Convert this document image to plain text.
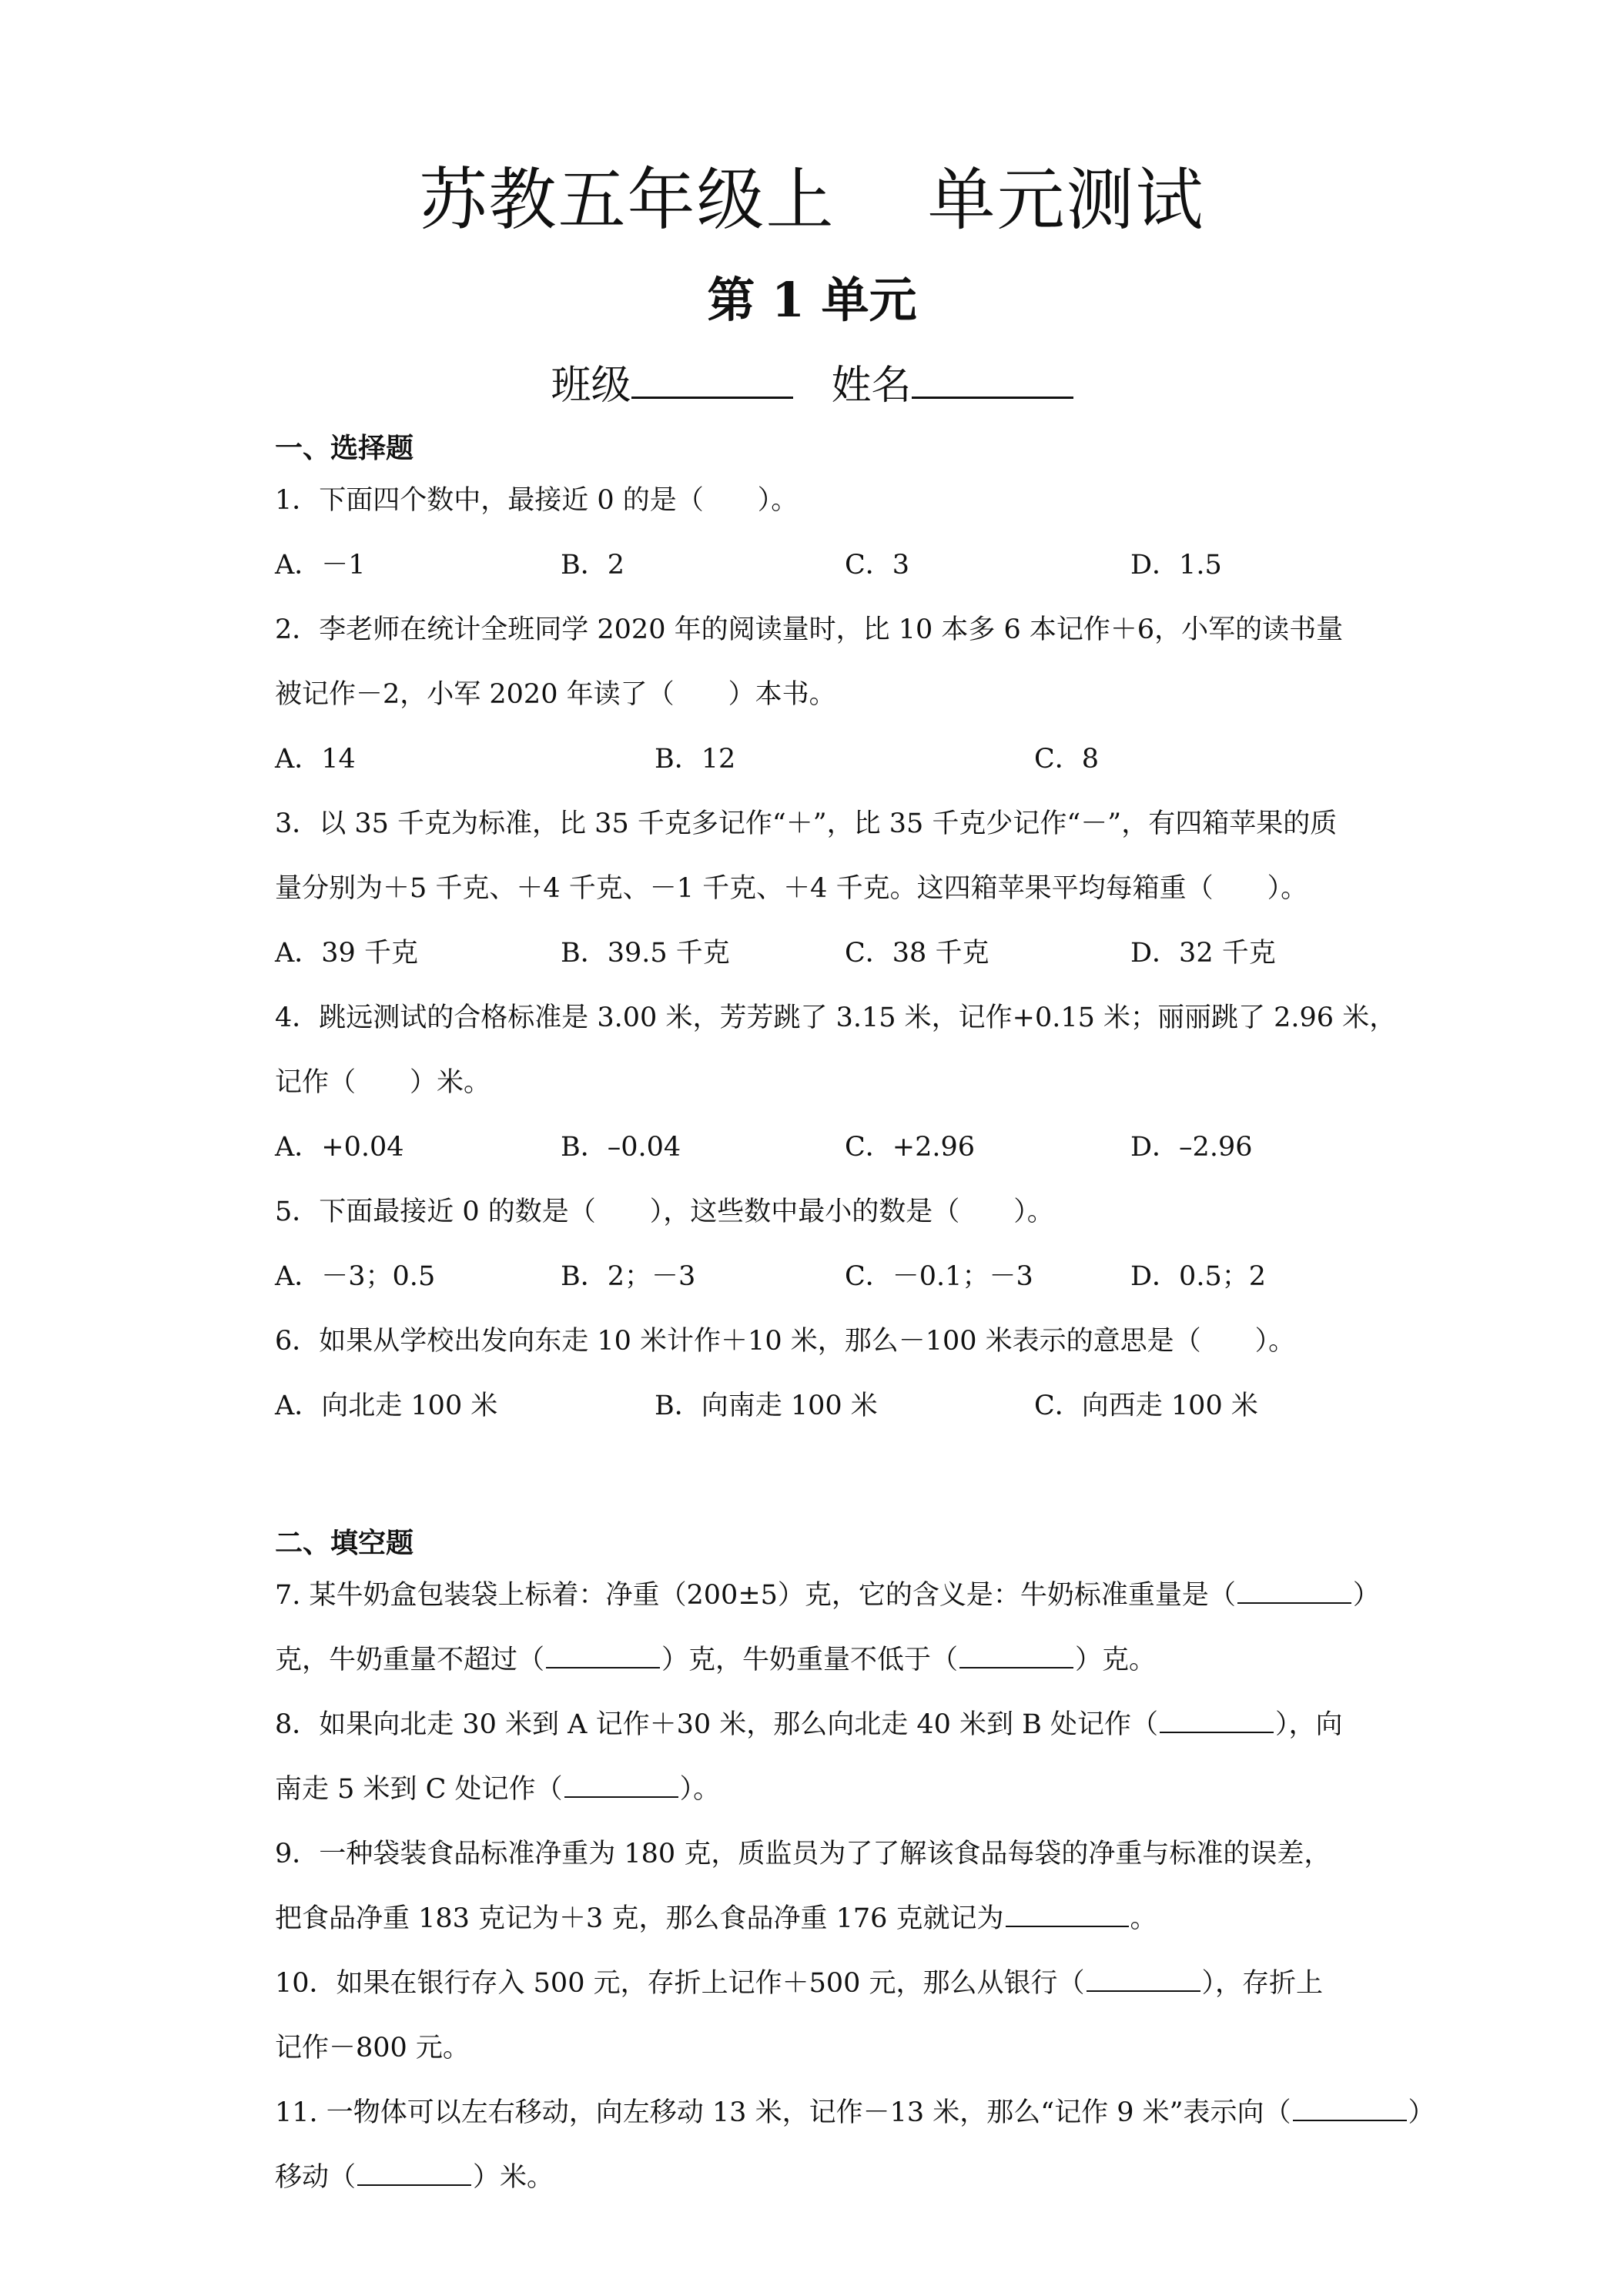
苏教五年级上 单元测试
第 1 单元
班级	姓名
一、选择题
1．下面四个数中，最接近 0 的是（　　）。
A．－1	B．2	C．3	D．1.5
2．李老师在统计全班同学 2020 年的阅读量时，比 10 本多 6 本记作＋6，小军的读书量
被记作－2，小军 2020 年读了（　　）本书。
A．14	B．12	C．8
3．以 35 千克为标准，比 35 千克多记作“＋”，比 35 千克少记作“－”，有四箱苹果的质
量分别为＋5 千克、＋4 千克、－1 千克、＋4 千克。这四箱苹果平均每箱重（　　）。
A．39 千克	B．39.5 千克	C．38 千克	D．32 千克
4．跳远测试的合格标准是 3.00 米，芳芳跳了 3.15 米，记作+0.15 米；丽丽跳了 2.96 米，
记作（　　）米。
A．+0.04	B．–0.04	C．+2.96	D．–2.96
5．下面最接近 0 的数是（　　），这些数中最小的数是（　　）。
A．－3；0.5	B．2；－3	C．－0.1；－3	D．0.5；2
6．如果从学校出发向东走 10 米计作＋10 米，那么－100 米表示的意思是（　　）。
A．向北走 100 米	B．向南走 100 米	C．向西走 100 米
二、填空题
7. 某牛奶盒包装袋上标着：净重（200±5）克，它的含义是：牛奶标准重量是（	）
克，牛奶重量不超过（	）克，牛奶重量不低于（	）克。
8．如果向北走 30 米到 A 记作＋30 米，那么向北走 40 米到 B 处记作（	），向
南走 5 米到 C 处记作（	）。
9．一种袋装食品标准净重为 180 克，质监员为了了解该食品每袋的净重与标准的误差，
把食品净重 183 克记为＋3 克，那么食品净重 176 克就记为	。
10．如果在银行存入 500 元，存折上记作＋500 元，那么从银行（	），存折上
记作－800 元。
11. 一物体可以左右移动，向左移动 13 米，记作－13 米，那么“记作 9 米”表示向（	）
移动（	）米。
